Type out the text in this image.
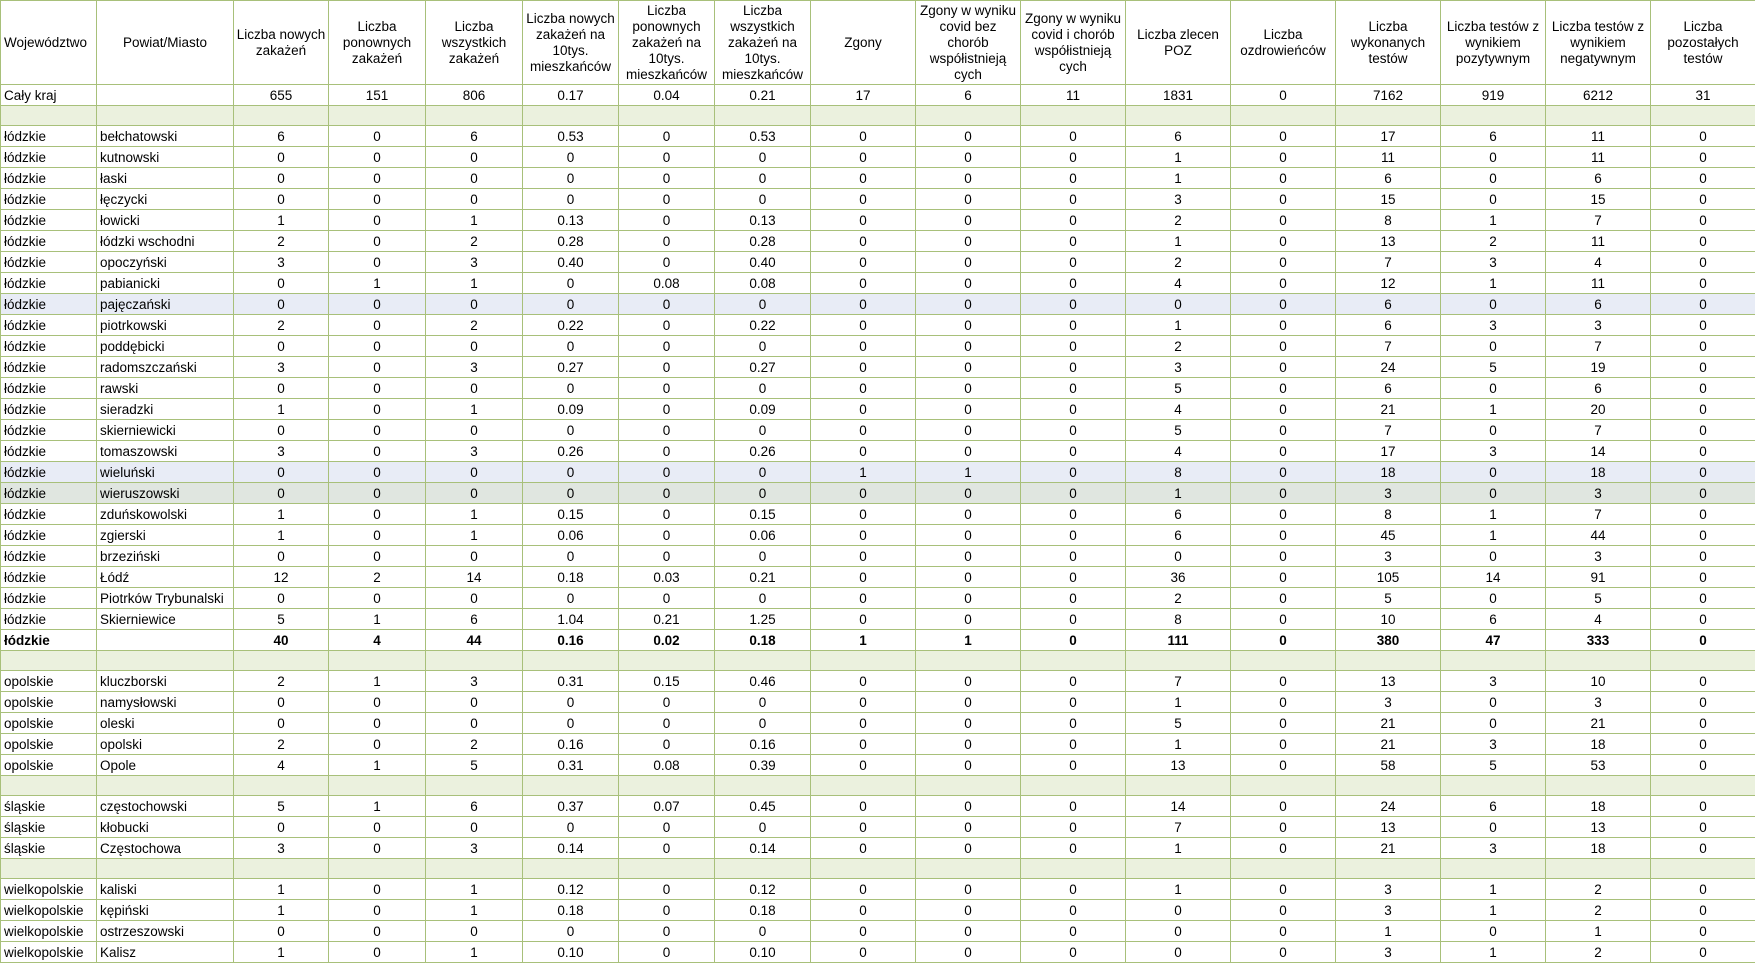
Województwo	Powiat/Miasto	Liczba nowych zakażeń	Liczba ponownych zakażeń	Liczba wszystkich zakażeń	Liczba nowych zakażeń na 10tys. mieszkańców	Liczba ponownych zakażeń na 10tys. mieszkańców	Liczba wszystkich zakażeń na 10tys. mieszkańców	Zgony	Zgony w wyniku covid bez chorób współistnieją cych	Zgony w wyniku covid i chorób współistnieją cych	Liczba zlecen POZ	Liczba ozdrowieńców	Liczba wykonanych testów	Liczba testów z wynikiem pozytywnym	Liczba testów z wynikiem negatywnym	Liczba pozostałych testów
Cały kraj		655	151	806	0.17	0.04	0.21	17	6	11	1831	0	7162	919	6212	31

łódzkie	bełchatowski	6	0	6	0.53	0	0.53	0	0	0	6	0	17	6	11	0
łódzkie	kutnowski	0	0	0	0	0	0	0	0	0	1	0	11	0	11	0
łódzkie	łaski	0	0	0	0	0	0	0	0	0	1	0	6	0	6	0
łódzkie	łęczycki	0	0	0	0	0	0	0	0	0	3	0	15	0	15	0
łódzkie	łowicki	1	0	1	0.13	0	0.13	0	0	0	2	0	8	1	7	0
łódzkie	łódzki wschodni	2	0	2	0.28	0	0.28	0	0	0	1	0	13	2	11	0
łódzkie	opoczyński	3	0	3	0.40	0	0.40	0	0	0	2	0	7	3	4	0
łódzkie	pabianicki	0	1	1	0	0.08	0.08	0	0	0	4	0	12	1	11	0
łódzkie	pajęczański	0	0	0	0	0	0	0	0	0	0	0	6	0	6	0
łódzkie	piotrkowski	2	0	2	0.22	0	0.22	0	0	0	1	0	6	3	3	0
łódzkie	poddębicki	0	0	0	0	0	0	0	0	0	2	0	7	0	7	0
łódzkie	radomszczański	3	0	3	0.27	0	0.27	0	0	0	3	0	24	5	19	0
łódzkie	rawski	0	0	0	0	0	0	0	0	0	5	0	6	0	6	0
łódzkie	sieradzki	1	0	1	0.09	0	0.09	0	0	0	4	0	21	1	20	0
łódzkie	skierniewicki	0	0	0	0	0	0	0	0	0	5	0	7	0	7	0
łódzkie	tomaszowski	3	0	3	0.26	0	0.26	0	0	0	4	0	17	3	14	0
łódzkie	wieluński	0	0	0	0	0	0	1	1	0	8	0	18	0	18	0
łódzkie	wieruszowski	0	0	0	0	0	0	0	0	0	1	0	3	0	3	0
łódzkie	zduńskowolski	1	0	1	0.15	0	0.15	0	0	0	6	0	8	1	7	0
łódzkie	zgierski	1	0	1	0.06	0	0.06	0	0	0	6	0	45	1	44	0
łódzkie	brzeziński	0	0	0	0	0	0	0	0	0	0	0	3	0	3	0
łódzkie	Łódź	12	2	14	0.18	0.03	0.21	0	0	0	36	0	105	14	91	0
łódzkie	Piotrków Trybunalski	0	0	0	0	0	0	0	0	0	2	0	5	0	5	0
łódzkie	Skierniewice	5	1	6	1.04	0.21	1.25	0	0	0	8	0	10	6	4	0
łódzkie		40	4	44	0.16	0.02	0.18	1	1	0	111	0	380	47	333	0

opolskie	kluczborski	2	1	3	0.31	0.15	0.46	0	0	0	7	0	13	3	10	0
opolskie	namysłowski	0	0	0	0	0	0	0	0	0	1	0	3	0	3	0
opolskie	oleski	0	0	0	0	0	0	0	0	0	5	0	21	0	21	0
opolskie	opolski	2	0	2	0.16	0	0.16	0	0	0	1	0	21	3	18	0
opolskie	Opole	4	1	5	0.31	0.08	0.39	0	0	0	13	0	58	5	53	0

śląskie	częstochowski	5	1	6	0.37	0.07	0.45	0	0	0	14	0	24	6	18	0
śląskie	kłobucki	0	0	0	0	0	0	0	0	0	7	0	13	0	13	0
śląskie	Częstochowa	3	0	3	0.14	0	0.14	0	0	0	1	0	21	3	18	0

wielkopolskie	kaliski	1	0	1	0.12	0	0.12	0	0	0	1	0	3	1	2	0
wielkopolskie	kępiński	1	0	1	0.18	0	0.18	0	0	0	0	0	3	1	2	0
wielkopolskie	ostrzeszowski	0	0	0	0	0	0	0	0	0	0	0	1	0	1	0
wielkopolskie	Kalisz	1	0	1	0.10	0	0.10	0	0	0	0	0	3	1	2	0
